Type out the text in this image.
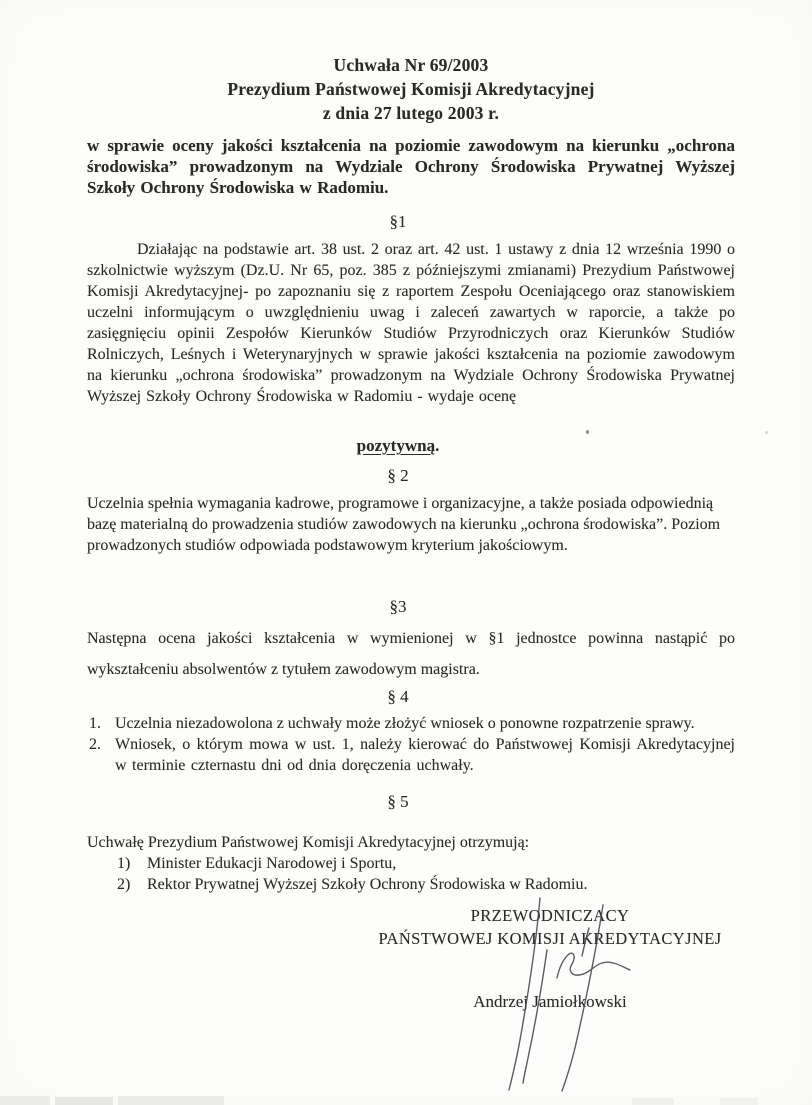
Uchwała Nr 69/2003
Prezydium Państwowej Komisji Akredytacyjnej
z dnia 27 lutego 2003 r.

w sprawie oceny jakości kształcenia na poziomie zawodowym na kierunku „ochrona środowiska” prowadzonym na Wydziale Ochrony Środowiska Prywatnej Wyższej Szkoły Ochrony Środowiska w Radomiu.

§1

Działając na podstawie art. 38 ust. 2 oraz art. 42 ust. 1 ustawy z dnia 12 września 1990 o szkolnictwie wyższym (Dz.U. Nr 65, poz. 385 z późniejszymi zmianami) Prezydium Państwowej Komisji Akredytacyjnej- po zapoznaniu się z raportem Zespołu Oceniającego oraz stanowiskiem uczelni informującym o uwzględnieniu uwag i zaleceń zawartych w raporcie, a także po zasięgnięciu opinii Zespołów Kierunków Studiów Przyrodniczych oraz Kierunków Studiów Rolniczych, Leśnych i Weterynaryjnych w sprawie jakości kształcenia na poziomie zawodowym na kierunku „ochrona środowiska” prowadzonym na Wydziale Ochrony Środowiska Prywatnej Wyższej Szkoły Ochrony Środowiska w Radomiu - wydaje ocenę

pozytywną.

§ 2

Uczelnia spełnia wymagania kadrowe, programowe i organizacyjne, a także posiada odpowiednią bazę materialną do prowadzenia studiów zawodowych na kierunku „ochrona środowiska”. Poziom prowadzonych studiów odpowiada podstawowym kryterium jakościowym.

§3

Następna ocena jakości kształcenia w wymienionej w §1 jednostce powinna nastąpić po wykształceniu absolwentów z tytułem zawodowym magistra.

§ 4
1. Uczelnia niezadowolona z uchwały może złożyć wniosek o ponowne rozpatrzenie sprawy.
2. Wniosek, o którym mowa w ust. 1, należy kierować do Państwowej Komisji Akredytacyjnej w terminie czternastu dni od dnia doręczenia uchwały.
§ 5

Uchwałę Prezydium Państwowej Komisji Akredytacyjnej otrzymują:

1)	Minister Edukacji Narodowej i Sportu,
2)	Rektor Prywatnej Wyższej Szkoły Ochrony Środowiska w Radomiu.
PRZEWODNICZACY
PAŃSTWOWEJ KOMISJI AKREDYTACYJNEJ
Andrzej Jamiołkowski
